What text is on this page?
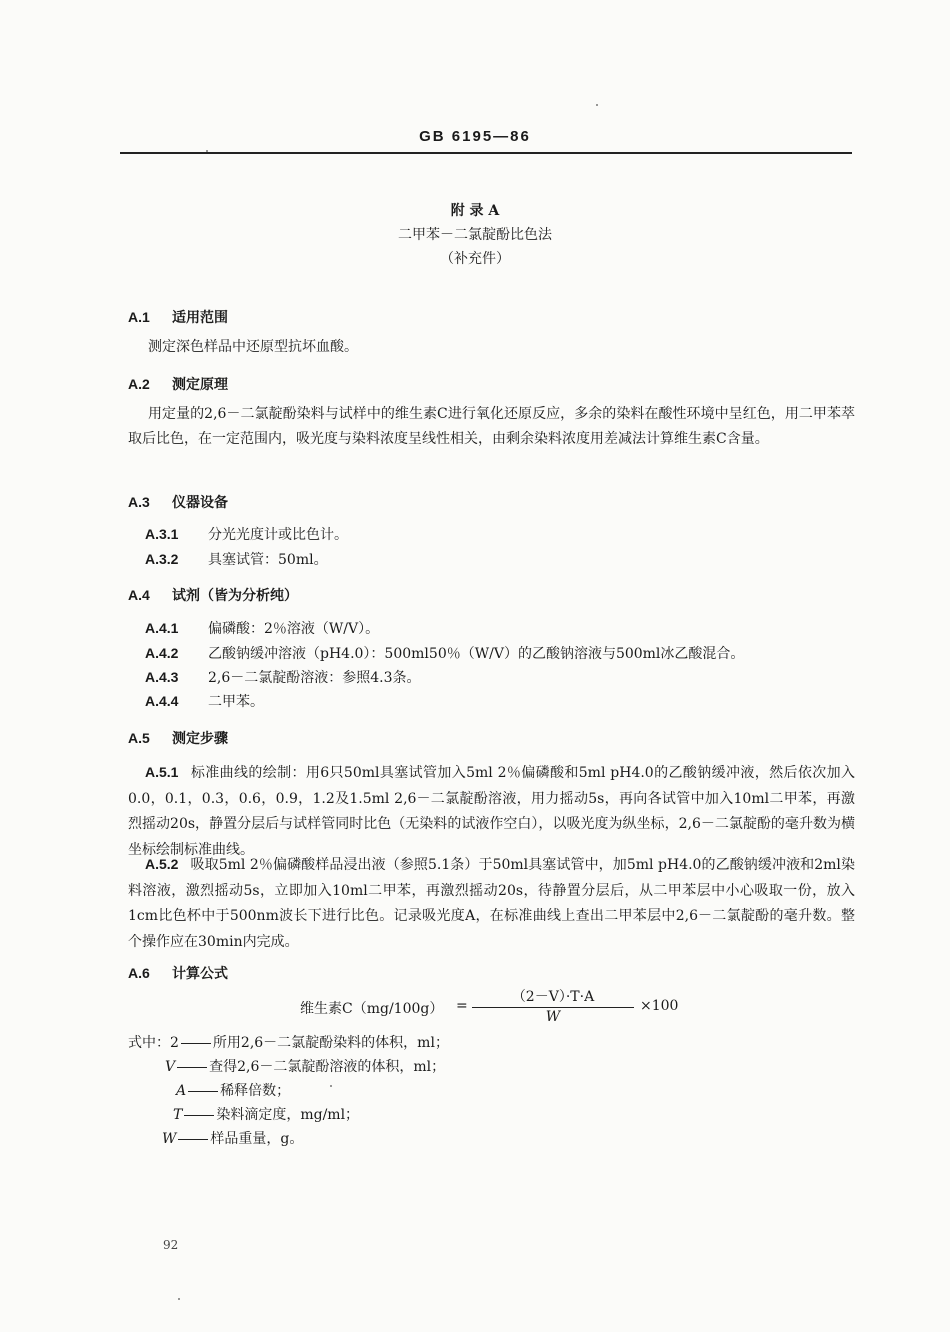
GB 6195—86
附 录 A
二甲苯－二氯靛酚比色法
（补充件）
A.1 适用范围

测定深色样品中还原型抗坏血酸。

A.2 测定原理

用定量的2,6－二氯靛酚染料与试样中的维生素C进行氧化还原反应，多余的染料在酸性环境中呈红色，用二甲苯萃取后比色，在一定范围内，吸光度与染料浓度呈线性相关，由剩余染料浓度用差减法计算维生素C含量。

A.3 仪器设备
A.3.1 分光光度计或比色计。
A.3.2 具塞试管：50ml。
A.4 试剂（皆为分析纯）
A.4.1 偏磷酸：2％溶液（W/V）。
A.4.2 乙酸钠缓冲溶液（pH4.0）：500ml50％（W/V）的乙酸钠溶液与500ml冰乙酸混合。
A.4.3 2,6－二氯靛酚溶液：参照4.3条。
A.4.4 二甲苯。
A.5 测定步骤

A.5.1 标准曲线的绘制：用6只50ml具塞试管加入5ml 2％偏磷酸和5ml pH4.0的乙酸钠缓冲液，然后依次加入0.0，0.1，0.3，0.6，0.9，1.2及1.5ml 2,6－二氯靛酚溶液，用力摇动5s，再向各试管中加入10ml二甲苯，再激烈摇动20s，静置分层后与试样管同时比色（无染料的试液作空白），以吸光度为纵坐标，2,6－二氯靛酚的毫升数为横坐标绘制标准曲线。

A.5.2 吸取5ml 2％偏磷酸样品浸出液（参照5.1条）于50ml具塞试管中，加5ml pH4.0的乙酸钠缓冲液和2ml染料溶液，激烈摇动5s，立即加入10ml二甲苯，再激烈摇动20s，待静置分层后，从二甲苯层中小心吸取一份，放入1cm比色杯中于500nm波长下进行比色。记录吸光度A，在标准曲线上查出二甲苯层中2,6－二氯靛酚的毫升数。整个操作应在30min内完成。

A.6 计算公式
维生素$C(mg/100g) = \frac{(2-V)\cdot T\cdot A}{W} \times 100$
式中： 2 所用2,6－二氯靛酚染料的体积，ml；
V 查得2,6－二氯靛酚溶液的体积，ml；
A 稀释倍数；
T 染料滴定度，mg/ml；
W 样品重量，g。
92
